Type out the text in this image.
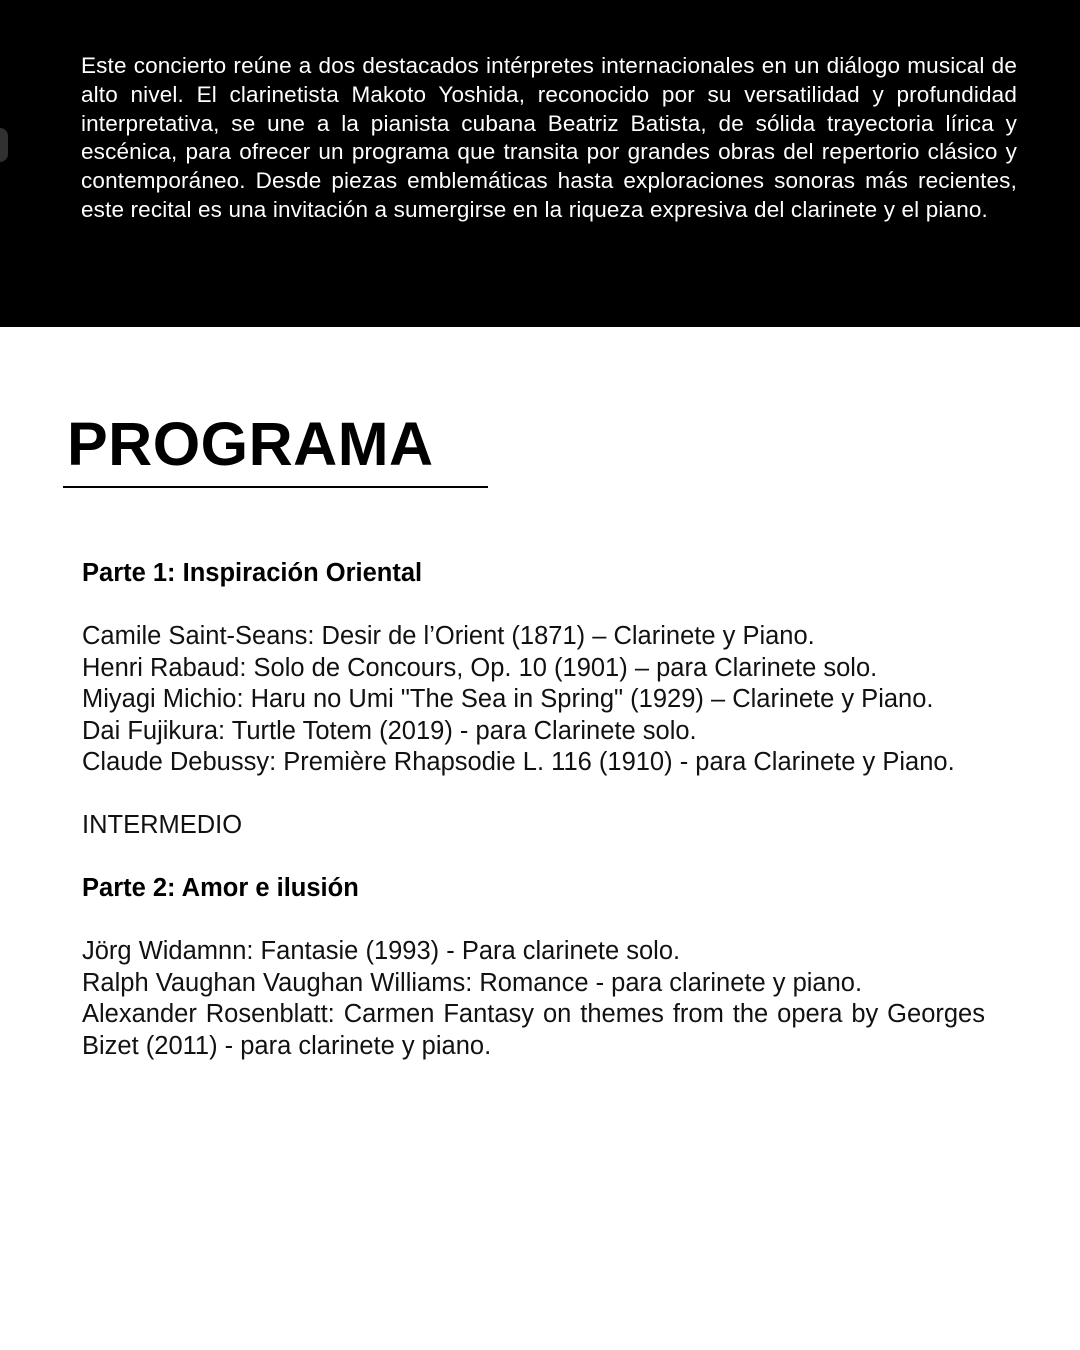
Este concierto reúne a dos destacados intérpretes internacionales en un diálogo musical de alto nivel. El clarinetista Makoto Yoshida, reconocido por su versatilidad y profundidad interpretativa, se une a la pianista cubana Beatriz Batista, de sólida trayectoria lírica y escénica, para ofrecer un programa que transita por grandes obras del repertorio clásico y contemporáneo. Desde piezas emblemáticas hasta exploraciones sonoras más recientes, este recital es una invitación a sumergirse en la riqueza expresiva del clarinete y el piano.

PROGRAMA

Parte 1: Inspiración Oriental

Camile Saint-Seans: Desir de l’Orient (1871) – Clarinete y Piano.

Henri Rabaud: Solo de Concours, Op. 10 (1901) – para Clarinete solo.

Miyagi Michio: Haru no Umi "The Sea in Spring" (1929) – Clarinete y Piano.

Dai Fujikura: Turtle Totem (2019) - para Clarinete solo.

Claude Debussy: Première Rhapsodie L. 116 (1910) - para Clarinete y Piano.

INTERMEDIO

Parte 2: Amor e ilusión

Jörg Widamnn: Fantasie (1993) - Para clarinete solo.

Ralph Vaughan Vaughan Williams: Romance - para clarinete y piano.

Alexander Rosenblatt: Carmen Fantasy on themes from the opera by Georges Bizet (2011) - para clarinete y piano.
